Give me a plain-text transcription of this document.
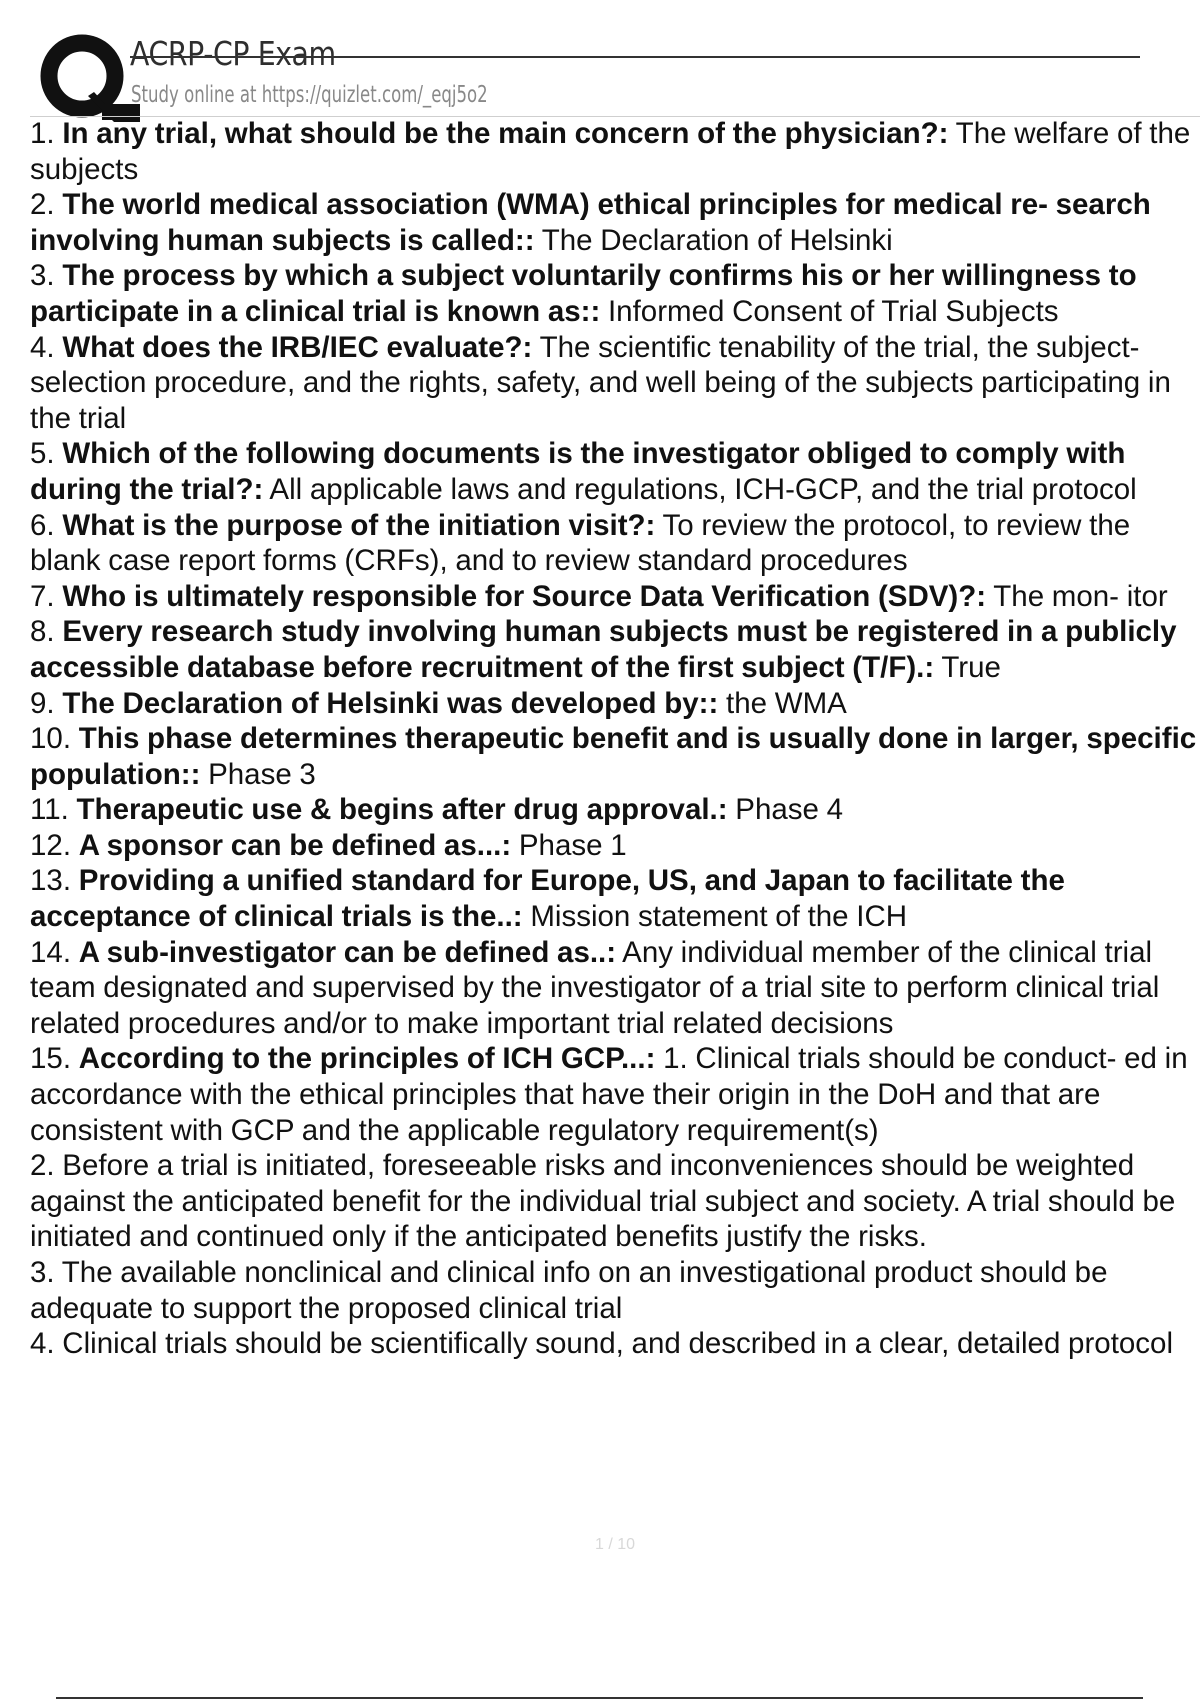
ACRP-CP Exam
Study online at https://quizlet.com/_eqj5o2
1. In any trial, what should be the main concern of the physician?: The welfare of the subjects
2. The world medical association (WMA) ethical principles for medical re- search involving human subjects is called:: The Declaration of Helsinki
3. The process by which a subject voluntarily confirms his or her willingness to participate in a clinical trial is known as:: Informed Consent of Trial Subjects
4. What does the IRB/IEC evaluate?: The scientific tenability of the trial, the subject-selection procedure, and the rights, safety, and well being of the subjects participating in the trial
5. Which of the following documents is the investigator obliged to comply with during the trial?: All applicable laws and regulations, ICH-GCP, and the trial protocol
6. What is the purpose of the initiation visit?: To review the protocol, to review the blank case report forms (CRFs), and to review standard procedures
7. Who is ultimately responsible for Source Data Verification (SDV)?: The mon- itor
8. Every research study involving human subjects must be registered in a publicly accessible database before recruitment of the first subject (T/F).: True
9. The Declaration of Helsinki was developed by:: the WMA
10. This phase determines therapeutic benefit and is usually done in larger, specific population:: Phase 3
11. Therapeutic use & begins after drug approval.: Phase 4
12. A sponsor can be defined as...: Phase 1
13. Providing a unified standard for Europe, US, and Japan to facilitate the acceptance of clinical trials is the..: Mission statement of the ICH
14. A sub-investigator can be defined as..: Any individual member of the clinical trial team designated and supervised by the investigator of a trial site to perform clinical trial related procedures and/or to make important trial related decisions
15. According to the principles of ICH GCP...: 1. Clinical trials should be conduct- ed in accordance with the ethical principles that have their origin in the DoH and that are consistent with GCP and the applicable regulatory requirement(s)
2. Before a trial is initiated, foreseeable risks and inconveniences should be weighted against the anticipated benefit for the individual trial subject and society. A trial should be initiated and continued only if the anticipated benefits justify the risks.
3. The available nonclinical and clinical info on an investigational product should be adequate to support the proposed clinical trial
4. Clinical trials should be scientifically sound, and described in a clear, detailed protocol
1 / 10
